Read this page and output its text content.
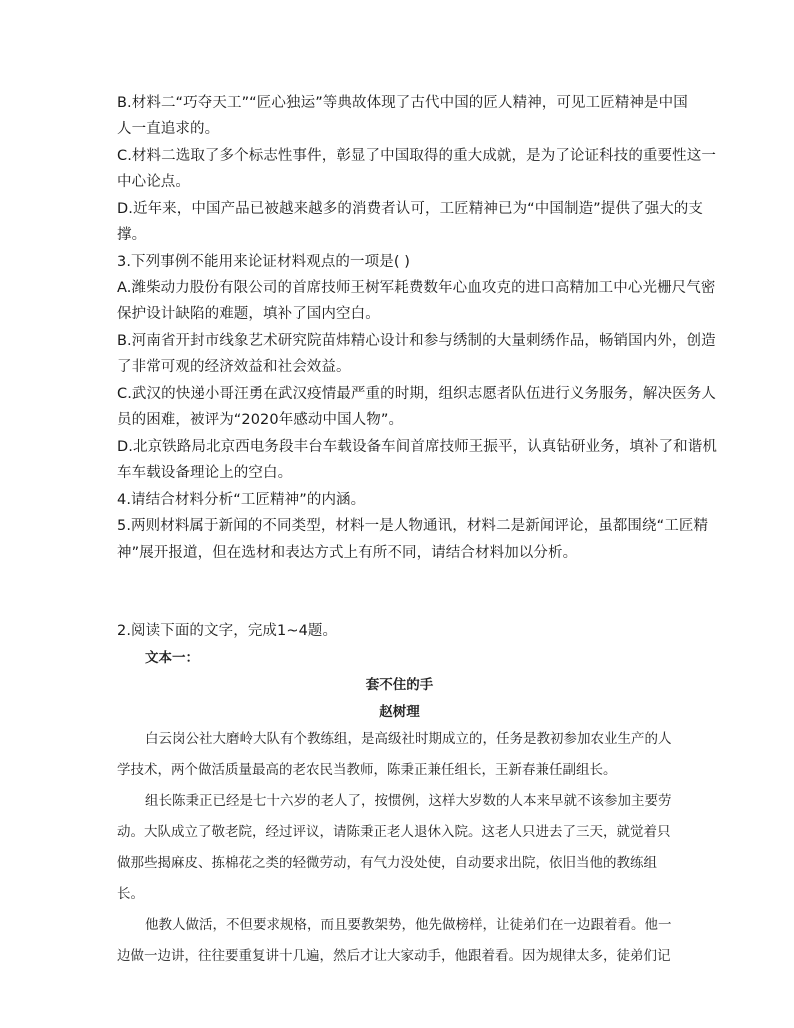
B.材料二“巧夺天工”“匠心独运”等典故体现了古代中国的匠人精神，可见工匠精神是中国
人一直追求的。
C.材料二选取了多个标志性事件，彰显了中国取得的重大成就，是为了论证科技的重要性这一
中心论点。
D.近年来，中国产品已被越来越多的消费者认可，工匠精神已为“中国制造”提供了强大的支
撑。
3.下列事例不能用来论证材料观点的一项是( )
A.潍柴动力股份有限公司的首席技师王树军耗费数年心血攻克的进口高精加工中心光栅尺气密
保护设计缺陷的难题，填补了国内空白。
B.河南省开封市线象艺术研究院苗炜精心设计和参与绣制的大量刺绣作品，畅销国内外，创造
了非常可观的经济效益和社会效益。
C.武汉的快递小哥汪勇在武汉疫情最严重的时期，组织志愿者队伍进行义务服务，解决医务人
员的困难，被评为“2020年感动中国人物”。
D.北京铁路局北京西电务段丰台车载设备车间首席技师王振平，认真钻研业务，填补了和谐机
车车载设备理论上的空白。
4.请结合材料分析“工匠精神”的内涵。
5.两则材料属于新闻的不同类型，材料一是人物通讯，材料二是新闻评论，虽都围绕“工匠精
神”展开报道，但在选材和表达方式上有所不同，请结合材料加以分析。
2.阅读下面的文字，完成1~4题。
文本一：
套不住的手
赵树理
白云岗公社大磨岭大队有个教练组，是高级社时期成立的，任务是教初参加农业生产的人
学技术，两个做活质量最高的老农民当教师，陈秉正兼任组长，王新春兼任副组长。
组长陈秉正已经是七十六岁的老人了，按惯例，这样大岁数的人本来早就不该参加主要劳
动。大队成立了敬老院，经过评议，请陈秉正老人退休入院。这老人只进去了三天，就觉着只
做那些揭麻皮、拣棉花之类的轻微劳动，有气力没处使，自动要求出院，依旧当他的教练组
长。
他教人做活，不但要求规格，而且要教架势，他先做榜样，让徒弟们在一边跟着看。他一
边做一边讲，往往要重复讲十几遍，然后才让大家动手，他跟着看。因为规律太多，徒弟们记
